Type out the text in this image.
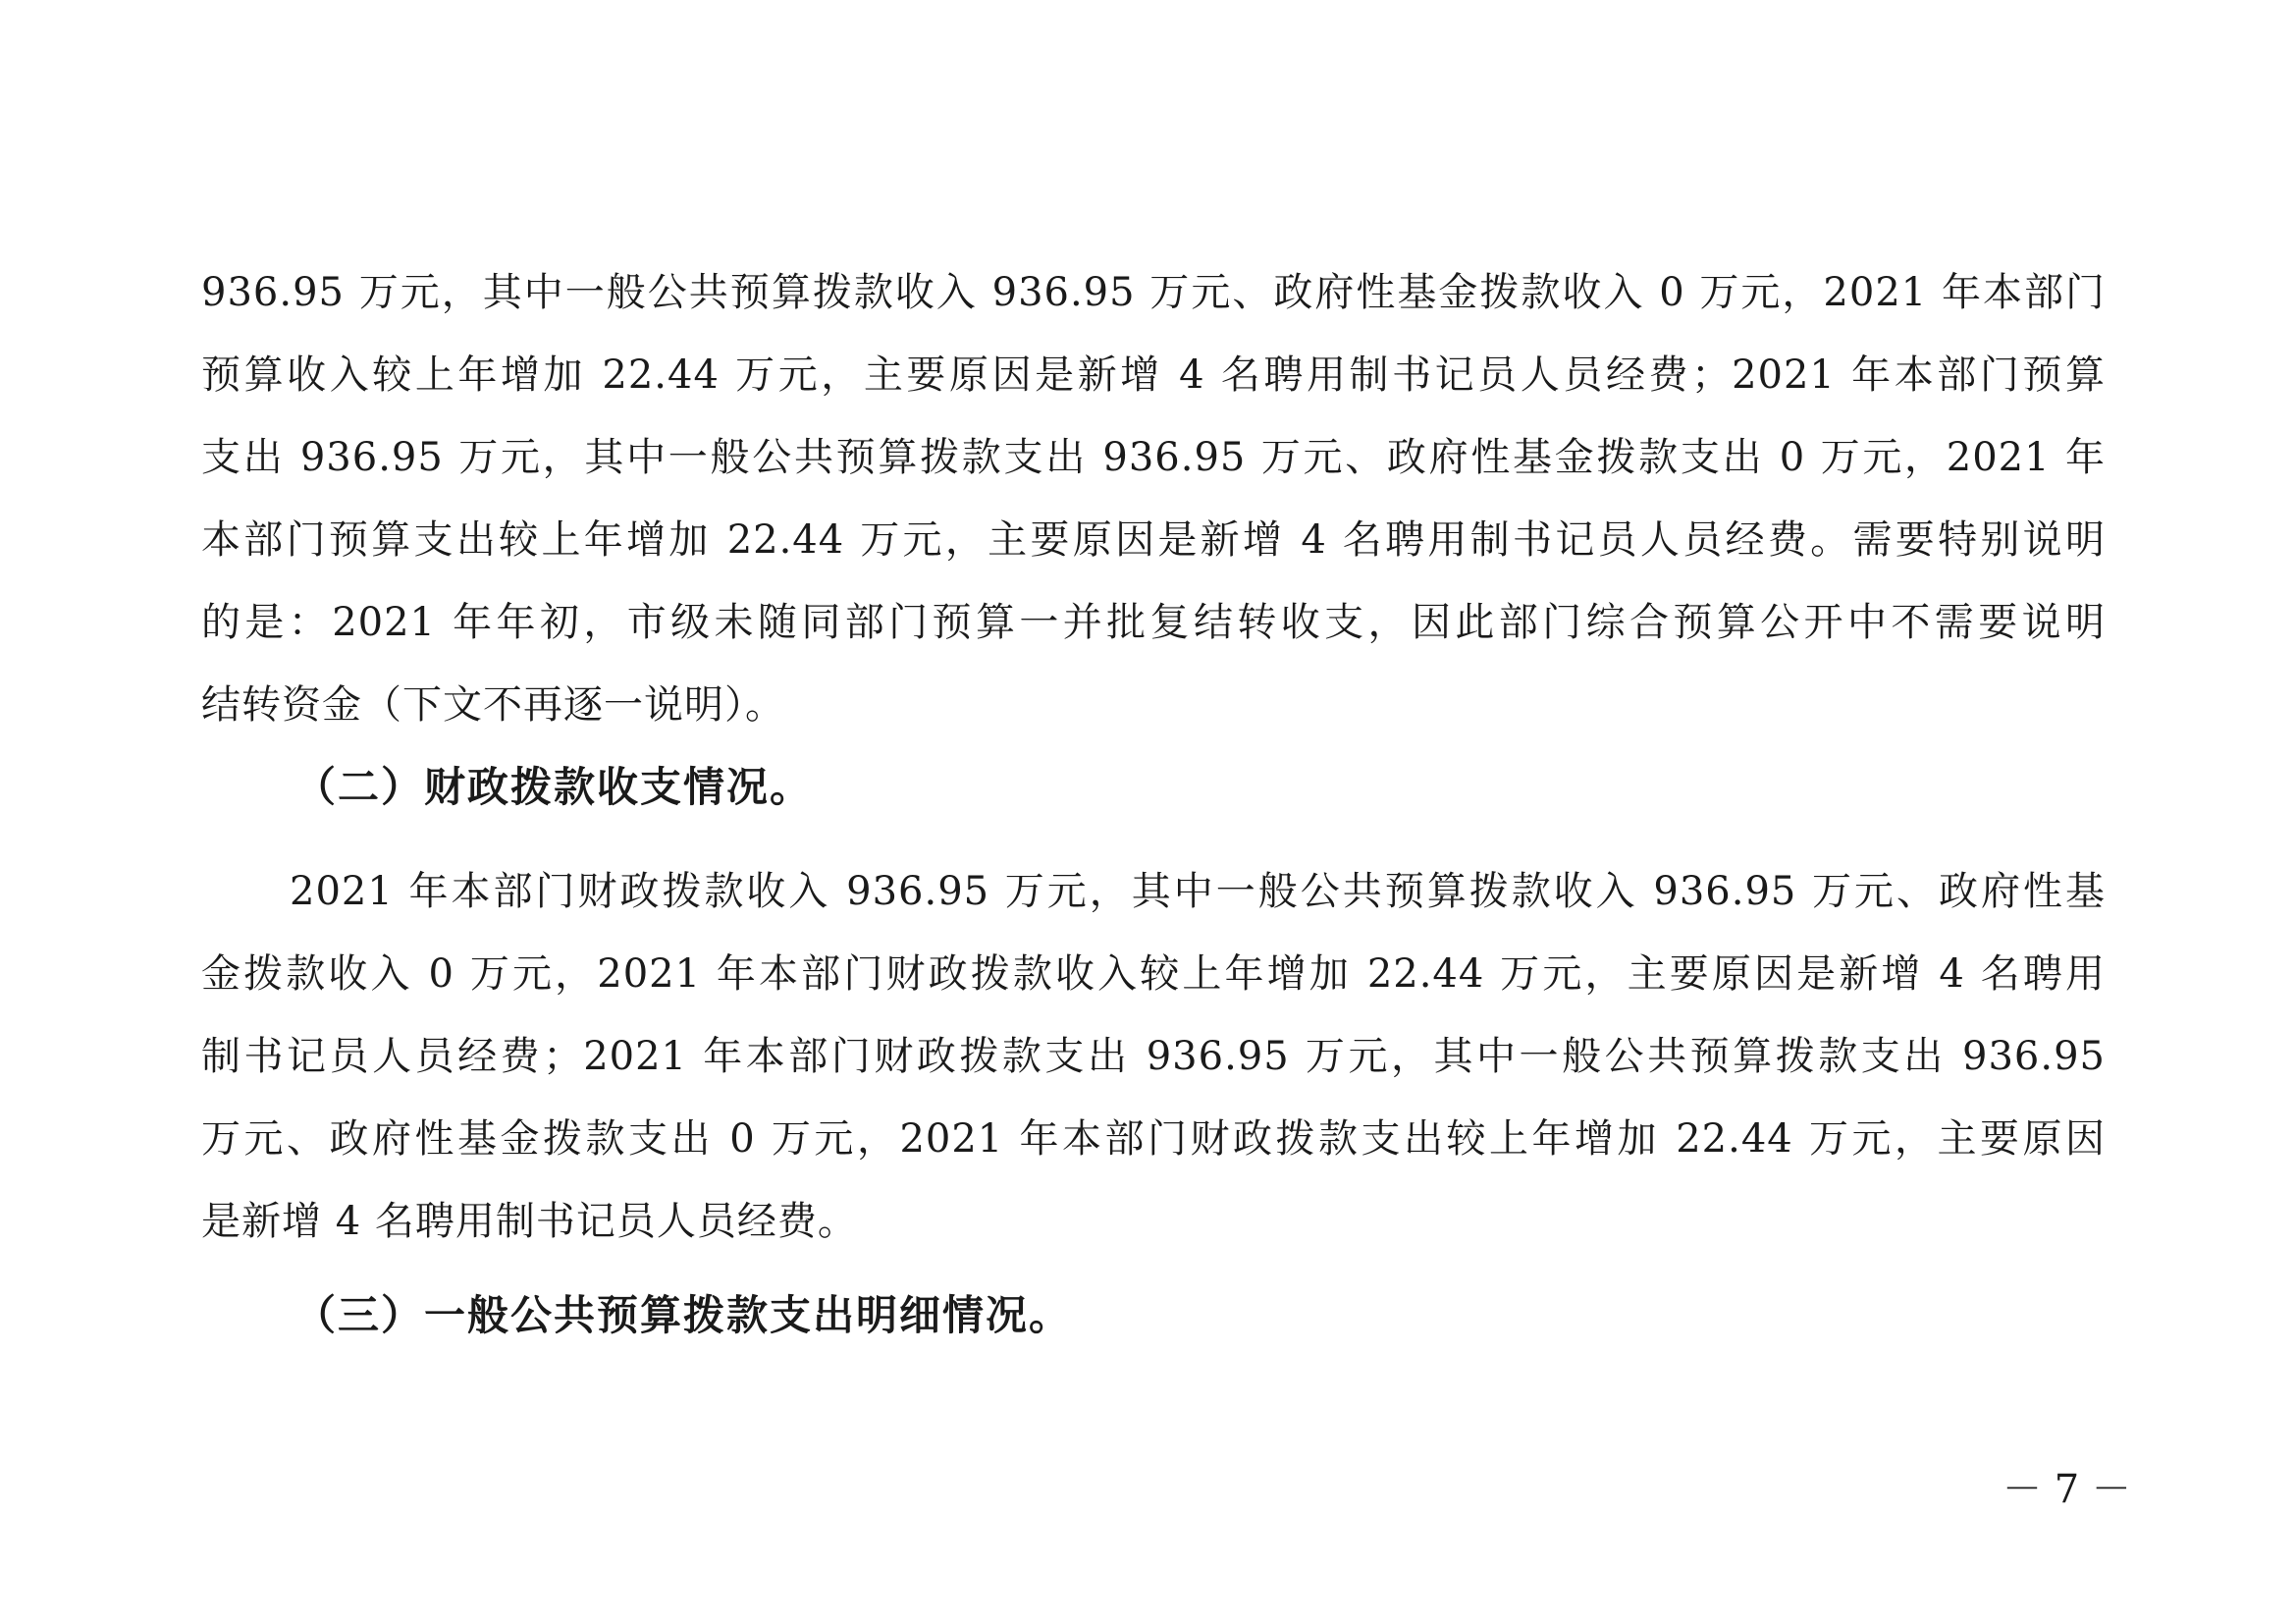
936.95 万元，其中一般公共预算拨款收入 936.95 万元、政府性基金拨款收入 0 万元，2021 年本部门
预算收入较上年增加 22.44 万元，主要原因是新增 4 名聘用制书记员人员经费；2021 年本部门预算
支出 936.95 万元，其中一般公共预算拨款支出 936.95 万元、政府性基金拨款支出 0 万元，2021 年
本部门预算支出较上年增加 22.44 万元，主要原因是新增 4 名聘用制书记员人员经费。需要特别说明
的是：2021 年年初，市级未随同部门预算一并批复结转收支，因此部门综合预算公开中不需要说明
结转资金（下文不再逐一说明）。
（二）财政拨款收支情况。
2021 年本部门财政拨款收入 936.95 万元，其中一般公共预算拨款收入 936.95 万元、政府性基
金拨款收入 0 万元，2021 年本部门财政拨款收入较上年增加 22.44 万元，主要原因是新增 4 名聘用
制书记员人员经费；2021 年本部门财政拨款支出 936.95 万元，其中一般公共预算拨款支出 936.95
万元、政府性基金拨款支出 0 万元，2021 年本部门财政拨款支出较上年增加 22.44 万元，主要原因
是新增 4 名聘用制书记员人员经费。
（三）一般公共预算拨款支出明细情况。
－ 7 －
